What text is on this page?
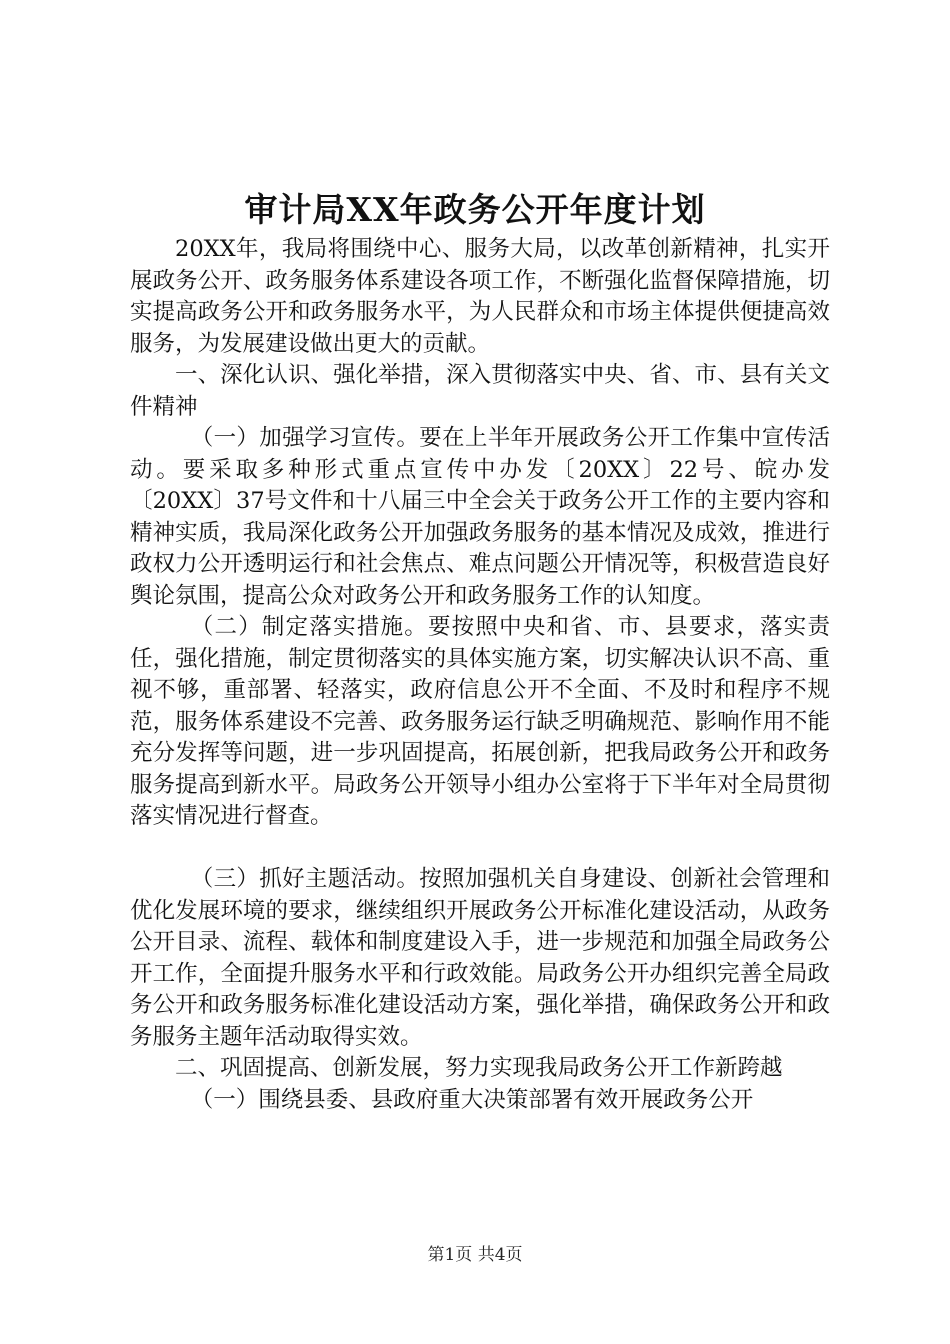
审计局XX年政务公开年度计划

20XX年，我局将围绕中心、服务大局，以改革创新精神，扎实开展政务公开、政务服务体系建设各项工作，不断强化监督保障措施，切实提高政务公开和政务服务水平，为人民群众和市场主体提供便捷高效服务，为发展建设做出更大的贡献。

一、深化认识、强化举措，深入贯彻落实中央、省、市、县有关文件精神

（一）加强学习宣传。要在上半年开展政务公开工作集中宣传活动。要采取多种形式重点宣传中办发〔20XX〕22号、皖办发〔20XX〕37号文件和十八届三中全会关于政务公开工作的主要内容和精神实质，我局深化政务公开加强政务服务的基本情况及成效，推进行政权力公开透明运行和社会焦点、难点问题公开情况等，积极营造良好舆论氛围，提高公众对政务公开和政务服务工作的认知度。

（二）制定落实措施。要按照中央和省、市、县要求，落实责任，强化措施，制定贯彻落实的具体实施方案，切实解决认识不高、重视不够，重部署、轻落实，政府信息公开不全面、不及时和程序不规范，服务体系建设不完善、政务服务运行缺乏明确规范、影响作用不能充分发挥等问题，进一步巩固提高，拓展创新，把我局政务公开和政务服务提高到新水平。局政务公开领导小组办公室将于下半年对全局贯彻落实情况进行督查。

（三）抓好主题活动。按照加强机关自身建设、创新社会管理和优化发展环境的要求，继续组织开展政务公开标准化建设活动，从政务公开目录、流程、载体和制度建设入手，进一步规范和加强全局政务公开工作，全面提升服务水平和行政效能。局政务公开办组织完善全局政务公开和政务服务标准化建设活动方案，强化举措，确保政务公开和政务服务主题年活动取得实效。

二、巩固提高、创新发展，努力实现我局政务公开工作新跨越

（一）围绕县委、县政府重大决策部署有效开展政务公开

第1页 共4页
